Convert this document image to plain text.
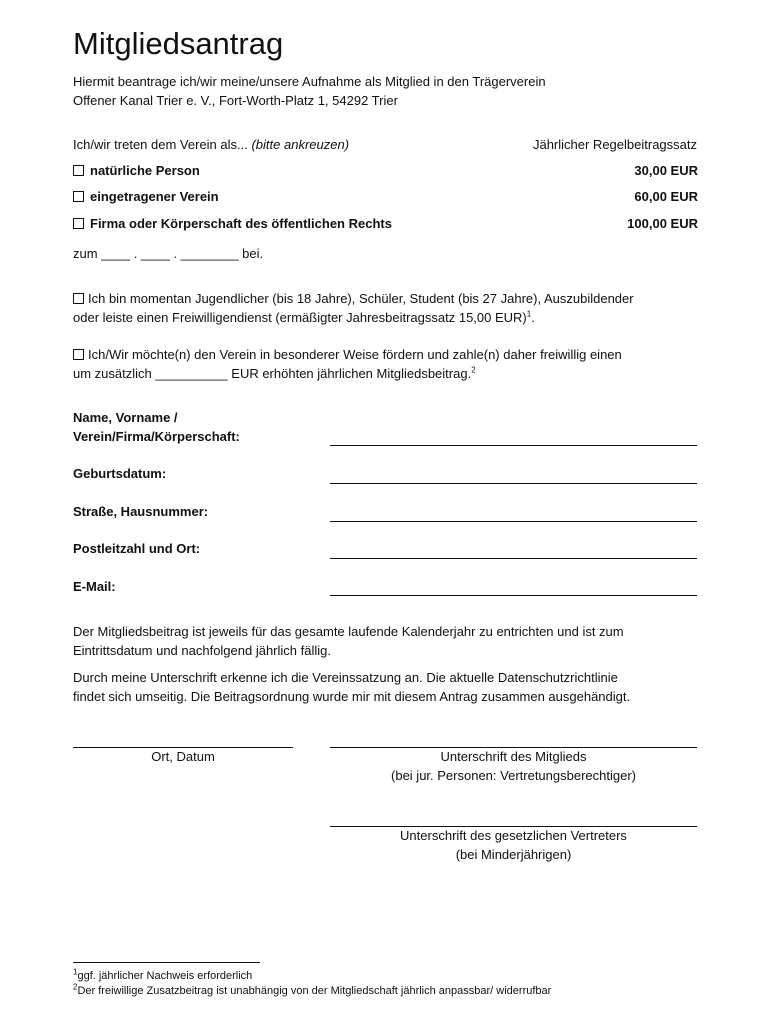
Mitgliedsantrag
Hiermit beantrage ich/wir meine/unsere Aufnahme als Mitglied in den Trägerverein
Offener Kanal Trier e. V., Fort-Worth-Platz 1, 54292 Trier
Ich/wir treten dem Verein als... (bitte ankreuzen)	Jährlicher Regelbeitragssatz
natürliche Person	30,00 EUR
eingetragener Verein	60,00 EUR
Firma oder Körperschaft des öffentlichen Rechts	100,00 EUR
zum ____ . ____ . ________ bei.
Ich bin momentan Jugendlicher (bis 18 Jahre), Schüler, Student (bis 27 Jahre), Auszubildender
oder leiste einen Freiwilligendienst (ermäßigter Jahresbeitragssatz 15,00 EUR)$^1$.
Ich/Wir möchte(n) den Verein in besonderer Weise fördern und zahle(n) daher freiwillig einen
um zusätzlich __________ EUR erhöhten jährlichen Mitgliedsbeitrag.$^2$
Name, Vorname /
Verein/Firma/Körperschaft:
Geburtsdatum:
Straße, Hausnummer:
Postleitzahl und Ort:
E-Mail:
Der Mitgliedsbeitrag ist jeweils für das gesamte laufende Kalenderjahr zu entrichten und ist zum
Eintrittsdatum und nachfolgend jährlich fällig.
Durch meine Unterschrift erkenne ich die Vereinssatzung an. Die aktuelle Datenschutzrichtlinie
findet sich umseitig. Die Beitragsordnung wurde mir mit diesem Antrag zusammen ausgehändigt.
Ort, Datum	Unterschrift des Mitglieds
(bei jur. Personen: Vertretungsberechtiger)
Unterschrift des gesetzlichen Vertreters
(bei Minderjährigen)
$^1$ggf. jährlicher Nachweis erforderlich
$^2$Der freiwillige Zusatzbeitrag ist unabhängig von der Mitgliedschaft jährlich anpassbar/ widerrufbar
